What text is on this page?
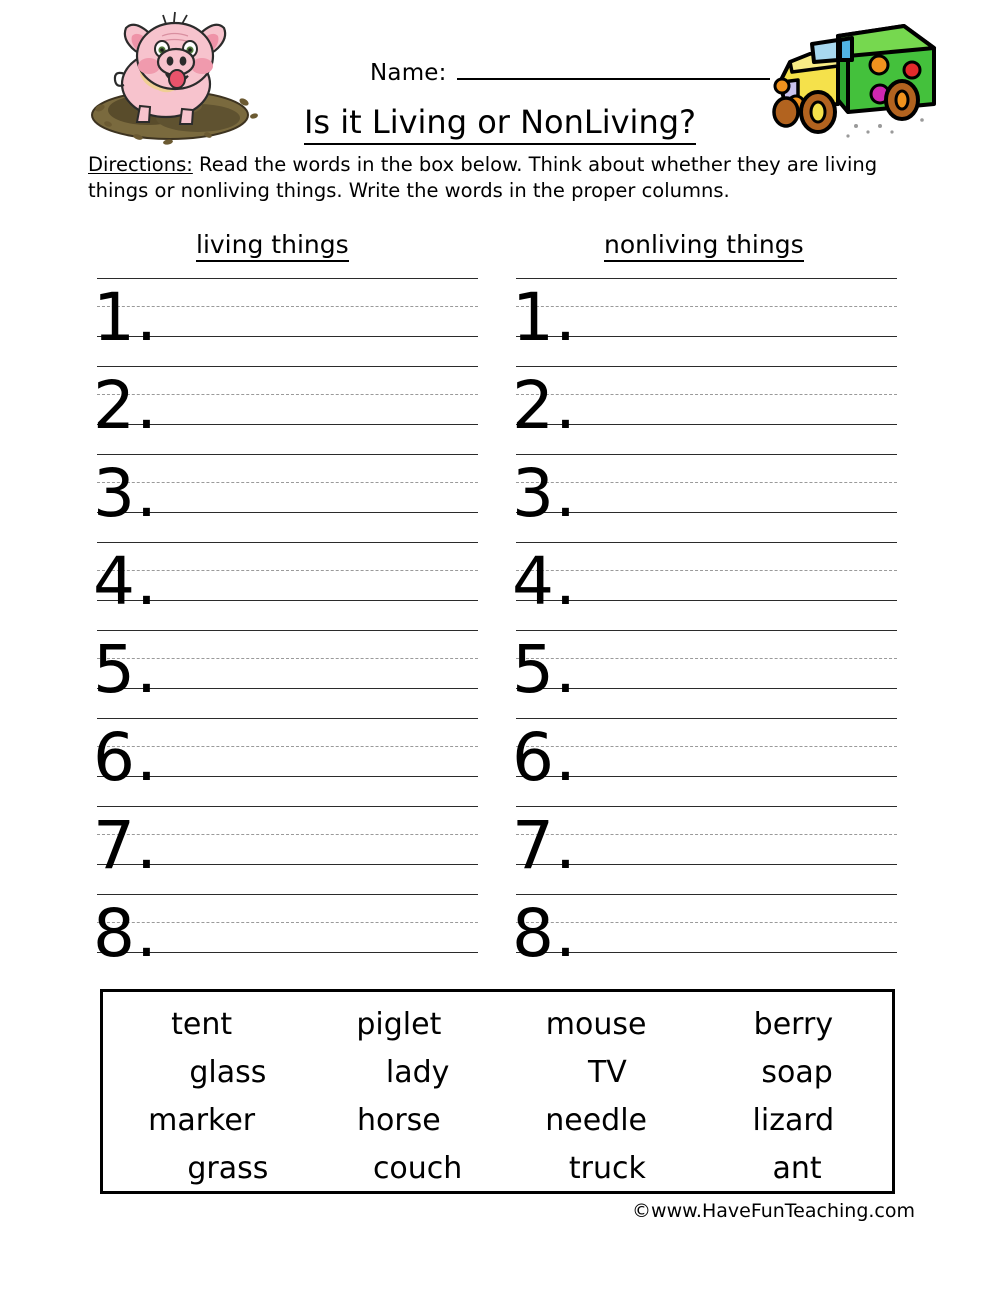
Name:
Is it Living or NonLiving?
Directions: Read the words in the box below. Think about whether they are living things or nonliving things. Write the words in the proper columns.
living things	nonliving things
1.
2.
3.
4.
5.
6.
7.
8.
1.
2.
3.
4.
5.
6.
7.
8.
tent	piglet	mouse	berry
glass	lady	TV	soap
marker	horse	needle	lizard
grass	couch	truck	ant
©www.HaveFunTeaching.com
